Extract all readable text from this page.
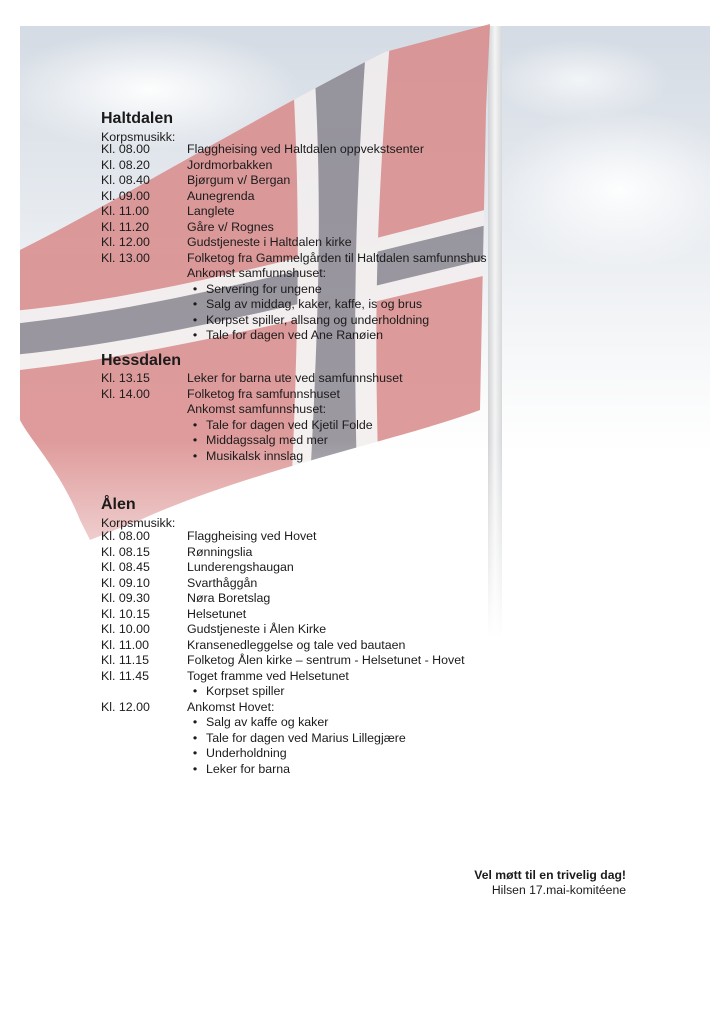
Haltdalen
Korpsmusikk:
Kl. 08.00	Flaggheising ved Haltdalen oppvekstsenter
Kl. 08.20	Jordmorbakken
Kl. 08.40	Bjørgum v/ Bergan
Kl. 09.00	Aunegrenda
Kl. 11.00	Langlete
Kl. 11.20	Gåre v/ Rognes
Kl. 12.00	Gudstjeneste i Haltdalen kirke
Kl. 13.00	Folketog fra Gammelgården til Haltdalen samfunnshus
Ankomst samfunnshuset:
• Servering for ungene
• Salg av middag, kaker, kaffe, is og brus
• Korpset spiller, allsang og underholdning
• Tale for dagen ved Ane Ranøien
Hessdalen
Kl. 13.15	Leker for barna ute ved samfunnshuset
Kl. 14.00	Folketog fra samfunnshuset
Ankomst samfunnshuset:
• Tale for dagen ved Kjetil Folde
• Middagssalg med mer
• Musikalsk innslag
Ålen
Korpsmusikk:
Kl. 08.00	Flaggheising ved Hovet
Kl. 08.15	Rønningslia
Kl. 08.45	Lunderengshaugan
Kl. 09.10	Svarthåggån
Kl. 09.30	Nøra Boretslag
Kl. 10.15	Helsetunet
Kl. 10.00	Gudstjeneste i Ålen Kirke
Kl. 11.00	Kransenedleggelse og tale ved bautaen
Kl. 11.15	Folketog Ålen kirke – sentrum - Helsetunet - Hovet
Kl. 11.45	Toget framme ved Helsetunet
• Korpset spiller
Kl. 12.00	Ankomst Hovet:
• Salg av kaffe og kaker
• Tale for dagen ved Marius Lillegjære
• Underholdning
• Leker for barna
Vel møtt til en trivelig dag!
Hilsen 17.mai-komitéene
